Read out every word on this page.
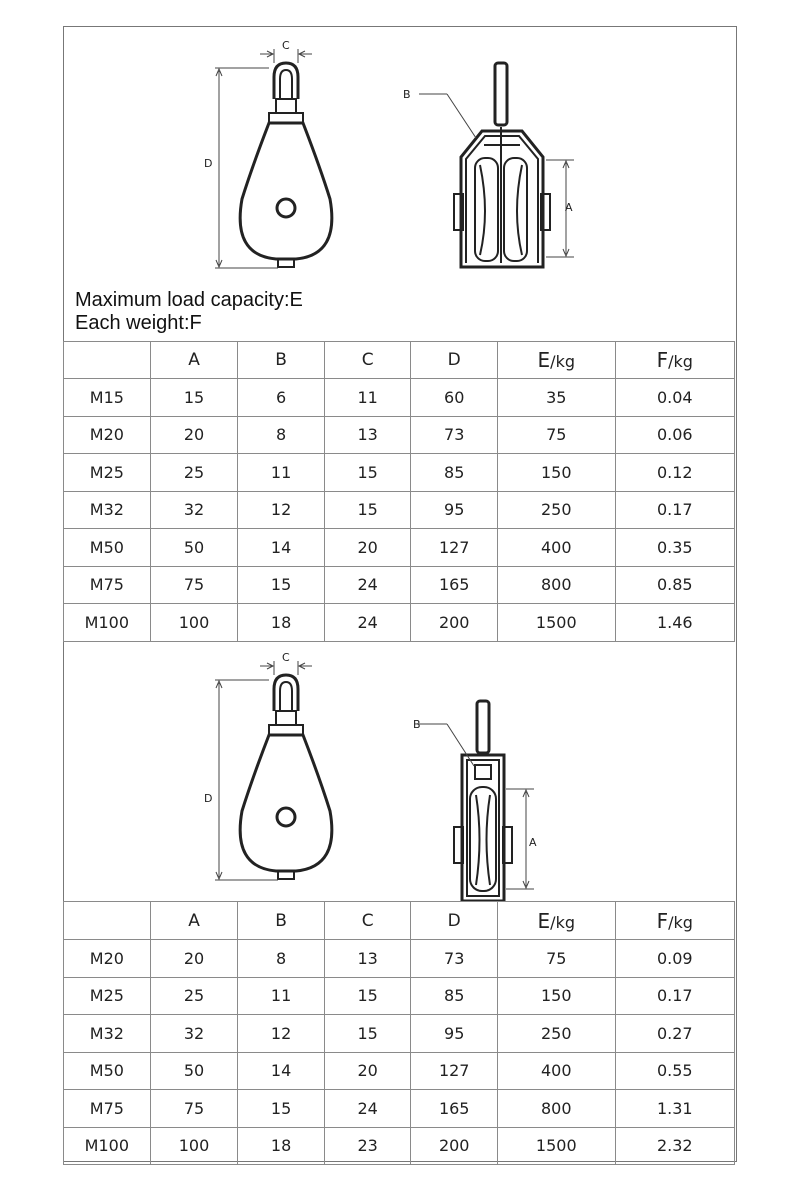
D
C
B
A
Maximum load capacity:E
Each weight:F
	A	B	C	D	E/kg	F/kg
M15	15	6	11	60	35	0.04
M20	20	8	13	73	75	0.06
M25	25	11	15	85	150	0.12
M32	32	12	15	95	250	0.17
M50	50	14	20	127	400	0.35
M75	75	15	24	165	800	0.85
M100	100	18	24	200	1500	1.46
D
C
B
A
	A	B	C	D	E/kg	F/kg
M20	20	8	13	73	75	0.09
M25	25	11	15	85	150	0.17
M32	32	12	15	95	250	0.27
M50	50	14	20	127	400	0.55
M75	75	15	24	165	800	1.31
M100	100	18	23	200	1500	2.32
